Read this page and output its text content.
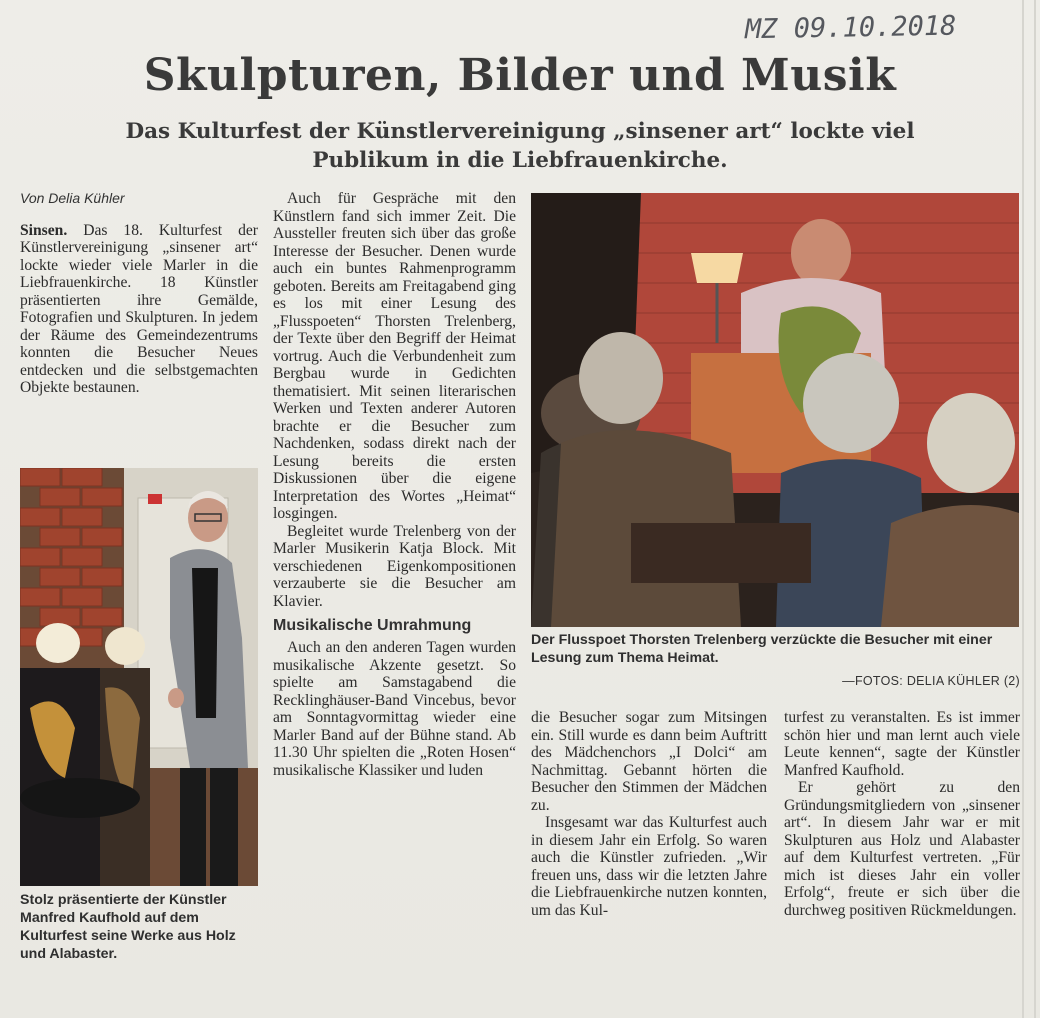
MZ 09.10.2018
Skulpturen, Bilder und Musik
Das Kulturfest der Künstlervereinigung „sinsener art“ lockte viel Publikum in die Liebfrauenkirche.

Von Delia Kühler

Sinsen. Das 18. Kulturfest der Künstlervereinigung „sinsener art“ lockte wieder viele Marler in die Liebfrauenkirche. 18 Künstler präsentierten ihre Gemälde, Fotografien und Skulpturen. In jedem der Räume des Gemeindezentrums konnten die Besucher Neues entdecken und die selbstgemachten Objekte bestaunen.

Stolz präsentierte der Künstler Manfred Kaufhold auf dem Kulturfest seine Werke aus Holz und Alabaster.

Auch für Gespräche mit den Künstlern fand sich immer Zeit. Die Aussteller freuten sich über das große Interesse der Besucher. Denen wurde auch ein buntes Rahmenprogramm geboten. Bereits am Freitagabend ging es los mit einer Lesung des „Flusspoeten“ Thorsten Trelenberg, der Texte über den Begriff der Heimat vortrug. Auch die Verbundenheit zum Bergbau wurde in Gedichten thematisiert. Mit seinen literarischen Werken und Texten anderer Autoren brachte er die Besucher zum Nachdenken, sodass direkt nach der Lesung bereits die ersten Diskussionen über die eigene Interpretation des Wortes „Heimat“ losgingen.

Begleitet wurde Trelenberg von der Marler Musikerin Katja Block. Mit verschiedenen Eigenkompositionen verzauberte sie die Besucher am Klavier.

Musikalische Umrahmung

Auch an den anderen Tagen wurden musikalische Akzente gesetzt. So spielte am Samstagabend die Recklinghäuser-Band Vincebus, bevor am Sonntagvormittag wieder eine Marler Band auf der Bühne stand. Ab 11.30 Uhr spielten die „Roten Hosen“ musikalische Klassiker und luden

Der Flusspoet Thorsten Trelenberg verzückte die Besucher mit einer Lesung zum Thema Heimat.
—FOTOS: DELIA KÜHLER (2)

die Besucher sogar zum Mitsingen ein. Still wurde es dann beim Auftritt des Mädchenchors „I Dolci“ am Nachmittag. Gebannt hörten die Besucher den Stimmen der Mädchen zu.

Insgesamt war das Kulturfest auch in diesem Jahr ein Erfolg. So waren auch die Künstler zufrieden. „Wir freuen uns, dass wir die letzten Jahre die Liebfrauenkirche nutzen konnten, um das Kul-

turfest zu veranstalten. Es ist immer schön hier und man lernt auch viele Leute kennen“, sagte der Künstler Manfred Kaufhold.

Er gehört zu den Gründungsmitgliedern von „sinsener art“. In diesem Jahr war er mit Skulpturen aus Holz und Alabaster auf dem Kulturfest vertreten. „Für mich ist dieses Jahr ein voller Erfolg“, freute er sich über die durchweg positiven Rückmeldungen.
